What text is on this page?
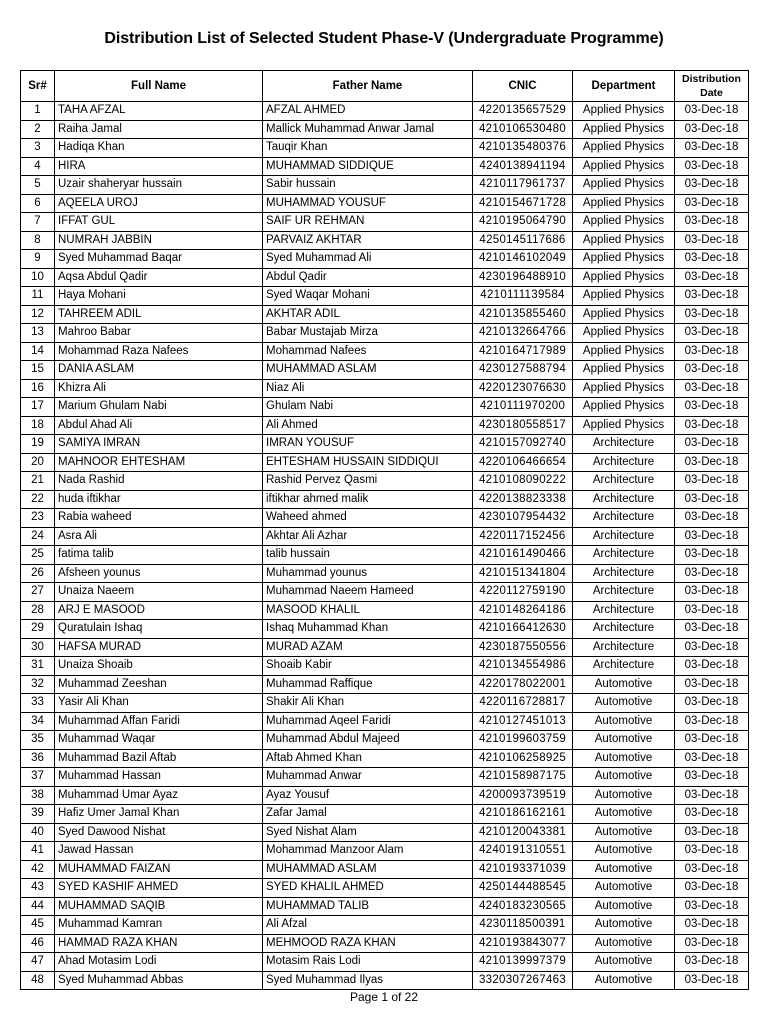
Distribution List of Selected Student Phase-V (Undergraduate Programme)
Sr#	Full Name	Father Name	CNIC	Department	Distribution
Date
1	TAHA AFZAL	AFZAL AHMED	4220135657529	Applied Physics	03-Dec-18
2	Raiha Jamal	Mallick Muhammad Anwar Jamal	4210106530480	Applied Physics	03-Dec-18
3	Hadiqa Khan	Tauqir Khan	4210135480376	Applied Physics	03-Dec-18
4	HIRA	MUHAMMAD SIDDIQUE	4240138941194	Applied Physics	03-Dec-18
5	Uzair shaheryar hussain	Sabir hussain	4210117961737	Applied Physics	03-Dec-18
6	AQEELA UROJ	MUHAMMAD YOUSUF	4210154671728	Applied Physics	03-Dec-18
7	IFFAT GUL	SAIF UR REHMAN	4210195064790	Applied Physics	03-Dec-18
8	NUMRAH JABBIN	PARVAIZ AKHTAR	4250145117686	Applied Physics	03-Dec-18
9	Syed Muhammad Baqar	Syed Muhammad Ali	4210146102049	Applied Physics	03-Dec-18
10	Aqsa Abdul Qadir	Abdul Qadir	4230196488910	Applied Physics	03-Dec-18
11	Haya Mohani	Syed Waqar Mohani	4210111139584	Applied Physics	03-Dec-18
12	TAHREEM ADIL	AKHTAR ADIL	4210135855460	Applied Physics	03-Dec-18
13	Mahroo Babar	Babar Mustajab Mirza	4210132664766	Applied Physics	03-Dec-18
14	Mohammad Raza Nafees	Mohammad Nafees	4210164717989	Applied Physics	03-Dec-18
15	DANIA ASLAM	MUHAMMAD ASLAM	4230127588794	Applied Physics	03-Dec-18
16	Khizra Ali	Niaz Ali	4220123076630	Applied Physics	03-Dec-18
17	Marium Ghulam Nabi	Ghulam Nabi	4210111970200	Applied Physics	03-Dec-18
18	Abdul Ahad Ali	Ali Ahmed	4230180558517	Applied Physics	03-Dec-18
19	SAMIYA IMRAN	IMRAN YOUSUF	4210157092740	Architecture	03-Dec-18
20	MAHNOOR EHTESHAM	EHTESHAM HUSSAIN SIDDIQUI	4220106466654	Architecture	03-Dec-18
21	Nada Rashid	Rashid Pervez Qasmi	4210108090222	Architecture	03-Dec-18
22	huda iftikhar	iftikhar ahmed malik	4220138823338	Architecture	03-Dec-18
23	Rabia waheed	Waheed ahmed	4230107954432	Architecture	03-Dec-18
24	Asra Ali	Akhtar Ali Azhar	4220117152456	Architecture	03-Dec-18
25	fatima talib	talib hussain	4210161490466	Architecture	03-Dec-18
26	Afsheen younus	Muhammad younus	4210151341804	Architecture	03-Dec-18
27	Unaiza Naeem	Muhammad Naeem Hameed	4220112759190	Architecture	03-Dec-18
28	ARJ E MASOOD	MASOOD KHALIL	4210148264186	Architecture	03-Dec-18
29	Quratulain Ishaq	Ishaq Muhammad Khan	4210166412630	Architecture	03-Dec-18
30	HAFSA MURAD	MURAD AZAM	4230187550556	Architecture	03-Dec-18
31	Unaiza Shoaib	Shoaib Kabir	4210134554986	Architecture	03-Dec-18
32	Muhammad Zeeshan	Muhammad Raffique	4220178022001	Automotive	03-Dec-18
33	Yasir Ali Khan	Shakir Ali Khan	4220116728817	Automotive	03-Dec-18
34	Muhammad Affan Faridi	Muhammad Aqeel Faridi	4210127451013	Automotive	03-Dec-18
35	Muhammad Waqar	Muhammad Abdul Majeed	4210199603759	Automotive	03-Dec-18
36	Muhammad Bazil Aftab	Aftab Ahmed Khan	4210106258925	Automotive	03-Dec-18
37	Muhammad Hassan	Muhammad Anwar	4210158987175	Automotive	03-Dec-18
38	Muhammad Umar Ayaz	Ayaz Yousuf	4200093739519	Automotive	03-Dec-18
39	Hafiz Umer Jamal Khan	Zafar Jamal	4210186162161	Automotive	03-Dec-18
40	Syed Dawood Nishat	Syed Nishat Alam	4210120043381	Automotive	03-Dec-18
41	Jawad Hassan	Mohammad Manzoor Alam	4240191310551	Automotive	03-Dec-18
42	MUHAMMAD FAIZAN	MUHAMMAD ASLAM	4210193371039	Automotive	03-Dec-18
43	SYED KASHIF AHMED	SYED KHALIL AHMED	4250144488545	Automotive	03-Dec-18
44	MUHAMMAD SAQIB	MUHAMMAD TALIB	4240183230565	Automotive	03-Dec-18
45	Muhammad Kamran	Ali Afzal	4230118500391	Automotive	03-Dec-18
46	HAMMAD RAZA KHAN	MEHMOOD RAZA KHAN	4210193843077	Automotive	03-Dec-18
47	Ahad Motasim Lodi	Motasim Rais Lodi	4210139997379	Automotive	03-Dec-18
48	Syed Muhammad Abbas	Syed Muhammad Ilyas	3320307267463	Automotive	03-Dec-18
Page 1 of 22
